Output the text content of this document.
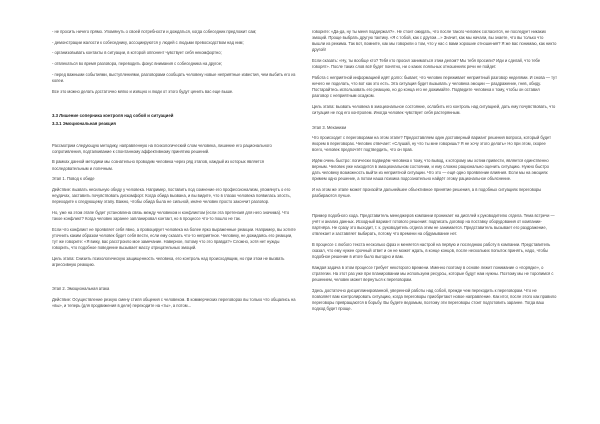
- не просить ничего прямо. Упомянуть о своей потребности и дождаться, когда собеседник предложит сам;

- демонстрации жалости к собеседнику, ассоциируются у людей с людьми превосходством над ним;

- организовывать контакты в ситуации, в которой оппонент чувствует себя некомфортно;

- отвлекаться во время разговора, переводить фокус внимания с собеседника на другое;

- перед важными событиями, выступлениями, разговорами сообщать человеку новые неприятные известия, чем выбить его из колеи.

Все это можно делать достаточно мягко и изящно и люди от этого будут ценить вас еще выше.

3.3 Лишение соперника контроля над собой и ситуацией

3.3.1 Эмоциональная реакция

Рассмотрим следующую методику, направленную на психологический слом человека, лишение его рационального сопротивления, подталкивание к спонтанному аффективному принятию решений.

В рамках данной методики мы сознательно проводим человека через ряд этапов, каждый из которых является последовательным и логичным.

Этап 1. Повод к обиде

Действие: вызвать несильную обиду у человека. Например, поставить под сомнение его профессионализм, упомянуть о его неудачах, заставить почувствовать дискомфорт. Когда обида вызвана, и вы видите, что в глазах человека появилась злость, переходите к следующему этапу. Важно, чтобы обида была не сильной, иначе человек просто закончит разговор.

Но, уже на этом этапе будет установлена связь между человеком и конфликтом (если эта претензия для него значима). Что такое конфликт? Когда человек заранее запланировал контакт, но в процессе что-то пошло не так.

Если что конфликт не проявляет себя явно, а провоцирует человека на более ярко выраженные реакции. Например, вы хотите уточнить каким образом человек будет себя вести, если ему сказать что-то неприятное. Человеку, не дожидаясь его реакции, тут же говорите: «Я вижу, вас расстроило мое замечание. Наверное, потому что это правда?» Сложно, хотя нет нужды говорить, что подобное поведение вызывает массу отрицательных эмоций.

Цель этапа: Снизить психологическую защищенность человека, его контроль над происходящим, но при этом не вызвать агрессивную реакцию.

Этап 2. Эмоциональная атака

Действие: Осуществление резкую смену стиля общения с человеком. В коммерческих переговорах вы только что общались на «вы», и теперь (для продвижения в деле) переходите на «ты», а потом...

говорите: «Да-да, ну ты меня поддержал?». Не стоит ожидать, что после такого человек согласится, не последует никаких эмоций. Проще выбрать другую тактику. «Я с тобой, как с другом…» Значит, как мы начали, вы знаете, что вы только что вышли из режима. Так вот, помните, как мы говорили о том, что у нас с вами хорошие отношения? Я же вас понимаю, как никто другой!

Если сказать: «Ну, ты вообще кто? Тебя кто просил заниматься этим делом? Мы тебя просили? Иди и сделай, что тебе говорят». После таких слов всё будет понятно, ни о каких лояльных отношениях речи не пойдет.

Работа с неприятной информацией идёт долго: бывает, что человек переживает неприятный разговор неделями. И снова — тут ничего не поделать, что вот как это есть. Эта ситуация будет вызывать у человека эмоции — раздражение, гнев, обиду. Постарайтесь использовать его реакцию, но до конца его не дожимайте. Подведите человека к тому, чтобы он оставил разговор с неприятным осадком.

Цель этапа: вызвать человека в эмоциональное состояние, ослабить его контроль над ситуацией, дать ему почувствовать, что ситуация не под его контролем. Иногда человек чувствует себя растерянным.

Этап 3. Механизм

Что происходит с переговорами на этом этапе? Предоставляем один достоверный вариант решения вопроса, который будет якорем в переговорах. Человек отвечает: «Слушай, ну что ты мне говоришь? Я не хочу этого делать» Но при этом, скорее всего, человек предпочтёт подтвердить, что он прав.

Идём очень быстро: логически подведём человека к тому, что вывод, к которому мы хотим привести, является единственно верным. Человек уже находится в эмоциональном состоянии, и ему сложно рационально оценить ситуацию. Нужно быстро дать человеку возможность выйти из неприятной ситуации. Что это — ещё одно проявление влияния. Если мы на эмоциях примем одно решение, а потом наша психика подсознательно найдёт этому рациональное объяснение.

И на этом же этапе может произойти дальнейшее объективное принятие решения, а в подобных ситуациях переговоры разбираются лучше.

Пример подобного хода. Представитель менеджеров компании проникает на дисплей к руководителю отдела. Тема встречи — учёт и анализ данных. Исходный вариант готового решения: подписать договор на поставку оборудования от компании-партнёра. Не сразу это выходит, т. к. руководитель отдела этим не занимается. Представитель вызывает его раздражение, отвлекает и заставляет выбирать, потому что времени на обдумывание нет.

В процессе с любого текста несколько фраз и меняется настрой на первую и последнюю работу в компании. Представитель сказал, что ему нужен срочный ответ и он не может ждать, в конце концов, после нескольких попыток принять, надо, чтобы подобное решение в итоге было выгодно и вам.

Каждая задача в этом процессе требует некоторого времени. Именно поэтому в основе лежит понимание о «порядке», о стратегии. На этот раз уже при планировании мы используем ресурсы, которые будут нам нужны. Поэтому мы не торопимся с решением, человек может вернуться к переговорам.

Здесь достаточно дисциплинированной, уверенной работы над собой, прежде чем переходить к переговорам. Что не позволяет вам контролировать ситуацию, когда переговоры приобретают новое направление. Как итог, после этого как правило переговоры превращаются в борьбу. Вы будете ведомым, поэтому эти переговоры стоит подготовить заранее. Тогда ваш подход будет проще.
